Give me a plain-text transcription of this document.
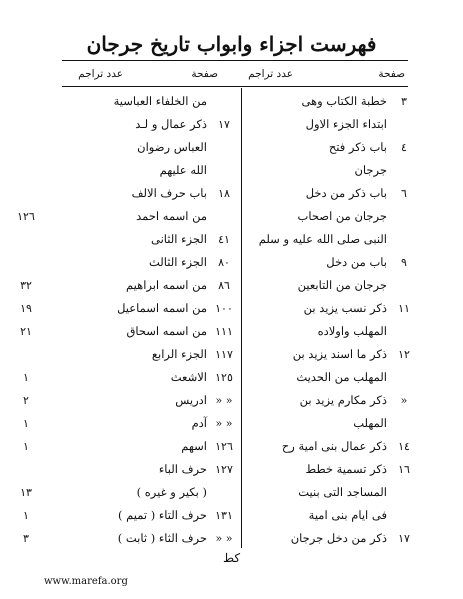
فهرست اجزاء وابواب تاريخ جرجان
صفحة
عدد تراجم
صفحة
عدد تراجم
٣
خطبة الكتاب وهى
ابتداء الجزء الاول
٤
باب ذكر فتح
جرجان
٦
باب ذكر من دخل
جرجان من اصحاب
النبى صلى الله عليه و سلم
٩
باب من دخل
جرجان من التابعين
١١
ذكر نسب يزيد بن
المهلب واولاده
١٢
ذكر ما اسند يزيد بن
المهلب من الحديث
«
ذكر مكارم يزيد بن
المهلب
١٤
ذكر عمال بنى امية رح
١٦
ذكر تسمية خطط
المساجد التى بنيت
فى ايام بنى امية
١٧
ذكر من دخل جرجان
من الخلفاء العباسية
١٧
ذكر عمال و لـد
العباس رضوان
الله عليهم
١٨
باب حرف الالف
من اسمه احمد
١٢٦
٤١
الجزء الثانى
٨٠
الجزء الثالث
٨٦
من اسمه ابراهيم
٣٢
١٠٠
من اسمه اسماعيل
١٩
١١١
من اسمه اسحاق
٢١
١١٧
الجزء الرابع
١٢٥
الاشعث
١
« «
ادريس
٢
« «
آدم
١
١٢٦
اسهم
١
١٢٧
حرف الباء
( بكير و غيره )
١٣
١٣١
حرف التاء ( تميم )
١
« «
حرف الثاء ( ثابت )
٣
كط
www.marefa.org
